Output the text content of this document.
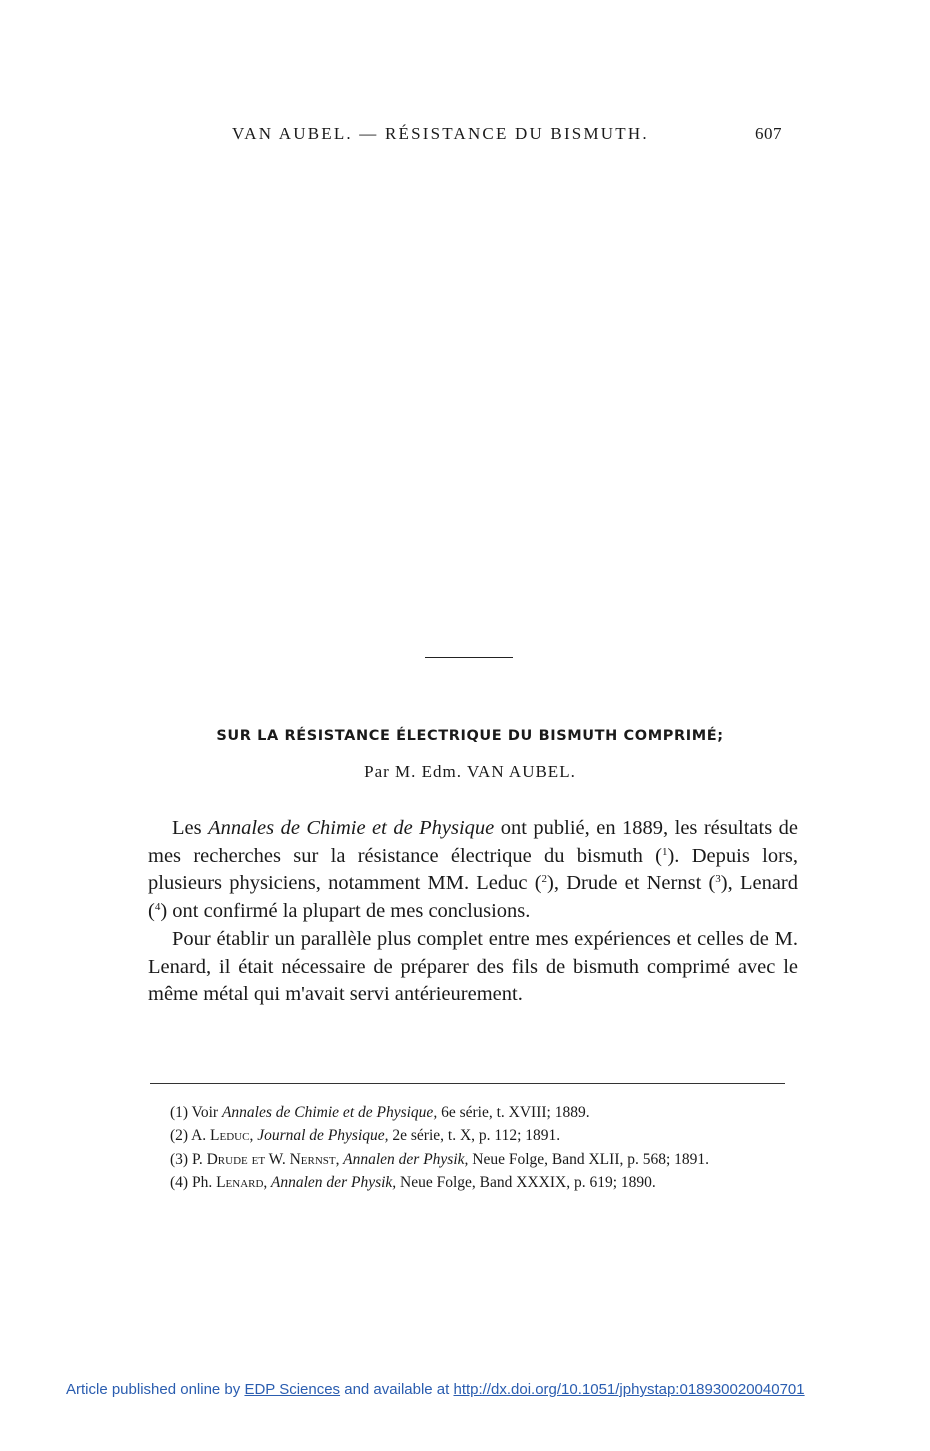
VAN AUBEL. — RÉSISTANCE DU BISMUTH.	607
SUR LA RÉSISTANCE ÉLECTRIQUE DU BISMUTH COMPRIMÉ;
Par M. Edm. VAN AUBEL.

Les Annales de Chimie et de Physique ont publié, en 1889, les résultats de mes recherches sur la résistance électrique du bismuth ($^1$). Depuis lors, plusieurs physiciens, notamment MM. Leduc ($^2$), Drude et Nernst ($^3$), Lenard ($^4$) ont confirmé la plupart de mes conclusions.

Pour établir un parallèle plus complet entre mes expériences et celles de M. Lenard, il était nécessaire de préparer des fils de bismuth comprimé avec le même métal qui m'avait servi antérieurement.

(1) Voir Annales de Chimie et de Physique, 6e série, t. XVIII; 1889.

(2) A. Leduc, Journal de Physique, 2e série, t. X, p. 112; 1891.

(3) P. Drude et W. Nernst, Annalen der Physik, Neue Folge, Band XLII, p. 568; 1891.

(4) Ph. Lenard, Annalen der Physik, Neue Folge, Band XXXIX, p. 619; 1890.

Article published online by EDP Sciences and available at http://dx.doi.org/10.1051/jphystap:018930020040701
